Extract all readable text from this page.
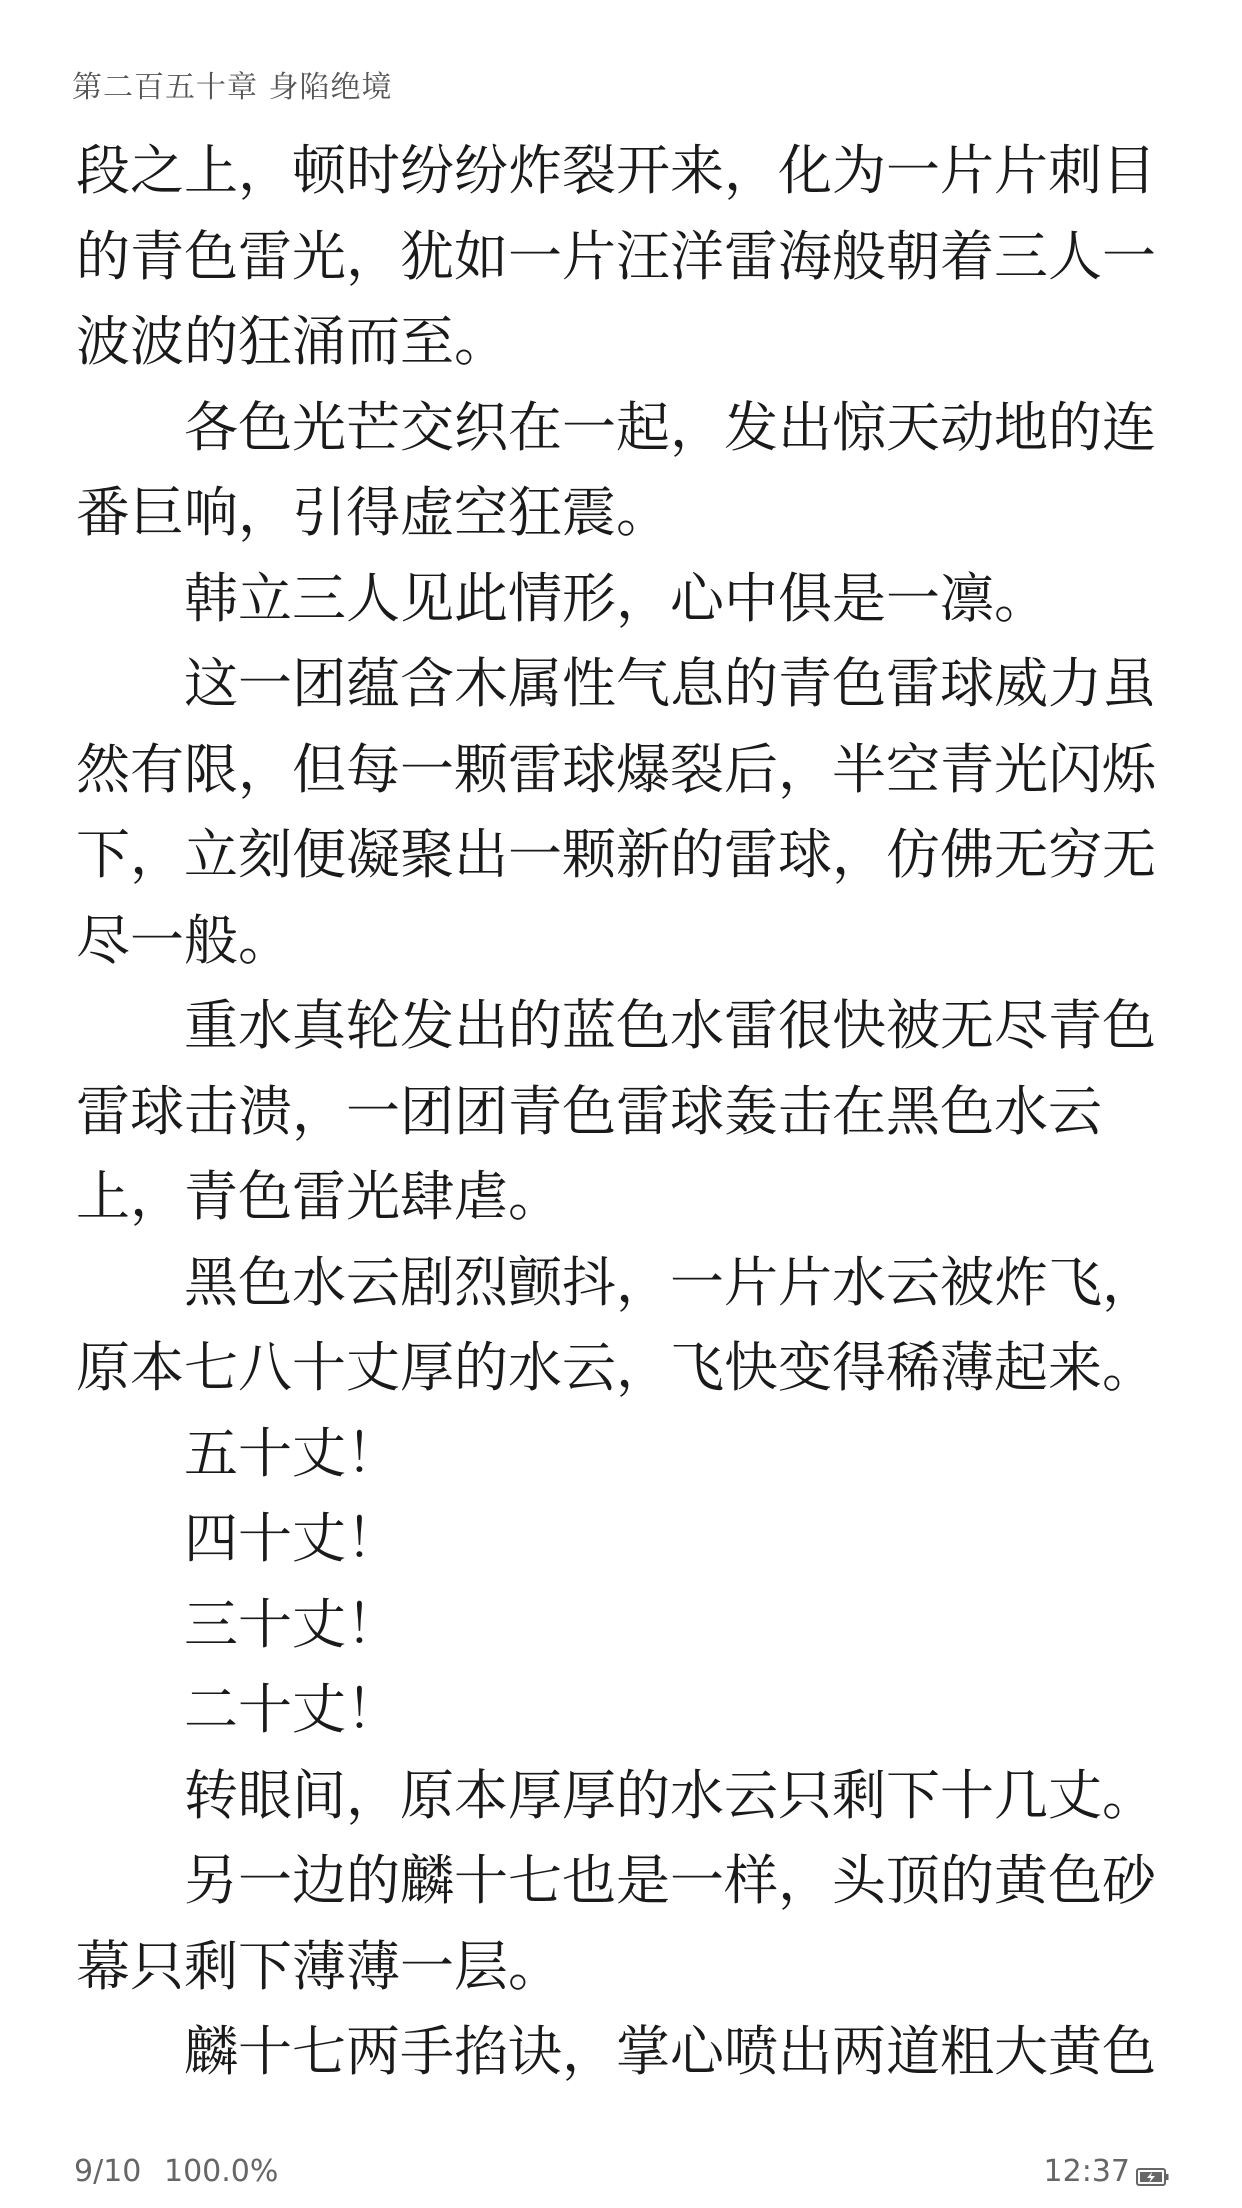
第二百五十章 身陷绝境
段之上，顿时纷纷炸裂开来，化为一片片刺目
的青色雷光，犹如一片汪洋雷海般朝着三人一
波波的狂涌而至。
各色光芒交织在一起，发出惊天动地的连
番巨响，引得虚空狂震。
韩立三人见此情形，心中俱是一凛。
这一团蕴含木属性气息的青色雷球威力虽
然有限，但每一颗雷球爆裂后，半空青光闪烁
下，立刻便凝聚出一颗新的雷球，仿佛无穷无
尽一般。
重水真轮发出的蓝色水雷很快被无尽青色
雷球击溃，一团团青色雷球轰击在黑色水云
上，青色雷光肆虐。
黑色水云剧烈颤抖，一片片水云被炸飞，
原本七八十丈厚的水云，飞快变得稀薄起来。
五十丈！
四十丈！
三十丈！
二十丈！
转眼间，原本厚厚的水云只剩下十几丈。
另一边的麟十七也是一样，头顶的黄色砂
幕只剩下薄薄一层。
麟十七两手掐诀，掌心喷出两道粗大黄色
9/10 100.0%	12:37
